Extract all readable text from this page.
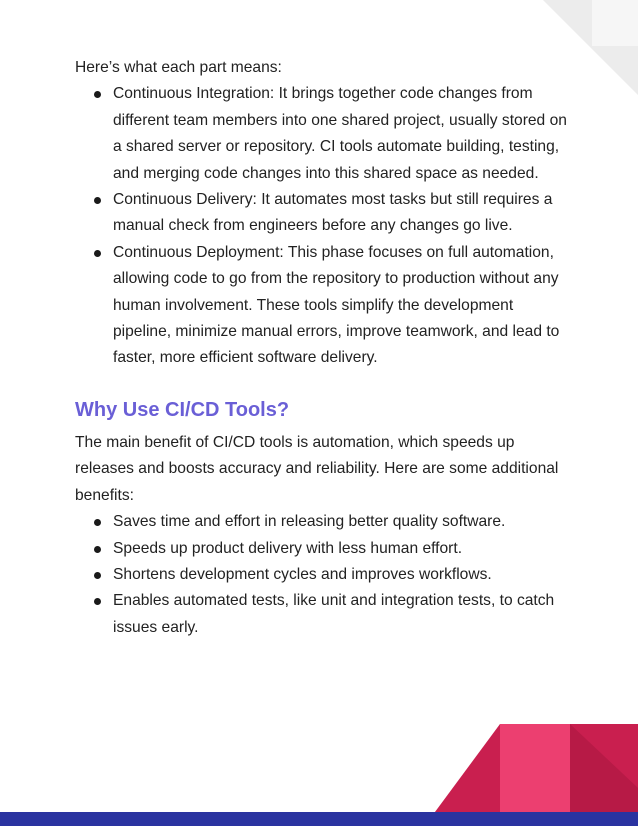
Here’s what each part means:

Continuous Integration: It brings together code changes from different team members into one shared project, usually stored on a shared server or repository. CI tools automate building, testing, and merging code changes into this shared space as needed.
Continuous Delivery: It automates most tasks but still requires a manual check from engineers before any changes go live.
Continuous Deployment: This phase focuses on full automation, allowing code to go from the repository to production without any human involvement. These tools simplify the development pipeline, minimize manual errors, improve teamwork, and lead to faster, more efficient software delivery.
Why Use CI/CD Tools?

The main benefit of CI/CD tools is automation, which speeds up releases and boosts accuracy and reliability. Here are some additional benefits:

Saves time and effort in releasing better quality software.
Speeds up product delivery with less human effort.
Shortens development cycles and improves workflows.
Enables automated tests, like unit and integration tests, to catch issues early.
